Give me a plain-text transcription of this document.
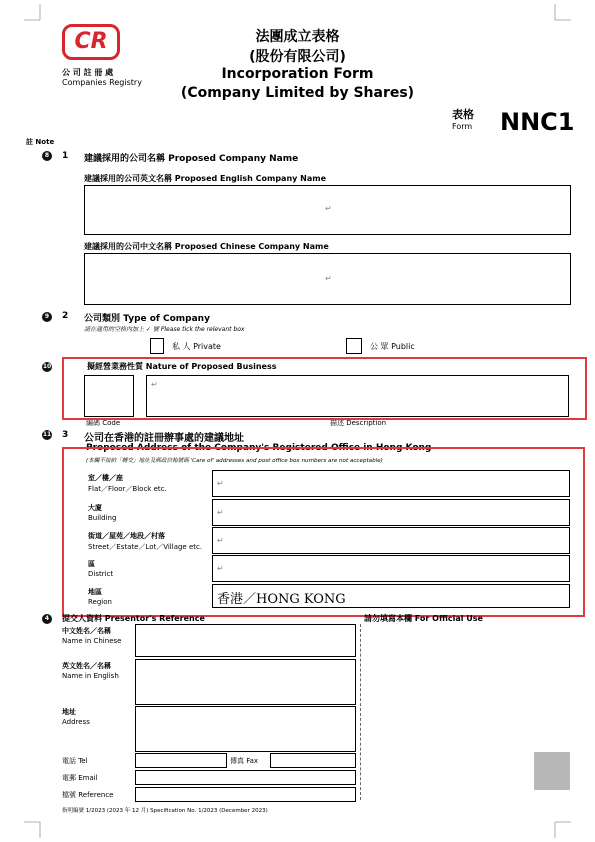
CR
公 司 註 冊 處
Companies Registry
法團成立表格
(股份有限公司)
Incorporation Form
(Company Limited by Shares)
表格
Form NNC1
註 Note
8	1 建議採用的公司名稱 Proposed Company Name
建議採用的公司英文名稱 Proposed English Company Name
↵
建議採用的公司中文名稱 Proposed Chinese Company Name
↵
9	2 公司類別 Type of Company
請在適用的空格內加上 ✓ 號 Please tick the relevant box
私 人 Private	公 眾 Public
10	擬經營業務性質 Nature of Proposed Business
↵
編碼 Code	描述 Description
11 3 公司在香港的註冊辦事處的建議地址
Proposed Address of the Company's Registered Office in Hong Kong
(本欄不接納「轉交」地址及郵政信箱號碼 'Care of' addresses and post office box numbers are not acceptable)
室／樓／座
Flat／Floor／Block etc.
↵
大廈
Building
↵
街道／屋苑／地段／村落
Street／Estate／Lot／Village etc.
↵
區
District
↵
地區
Region	香港／HONG KONG
4	提交人資料 Presentor's Reference	請勿填寫本欄 For Official Use
中文姓名／名稱
Name in Chinese
英文姓名／名稱
Name in English
地址
Address
電話 Tel	傳真 Fax
電郵 Email
檔號 Reference
指明編號 1/2023 (2023 年 12 月) Specification No. 1/2023 (December 2023)
